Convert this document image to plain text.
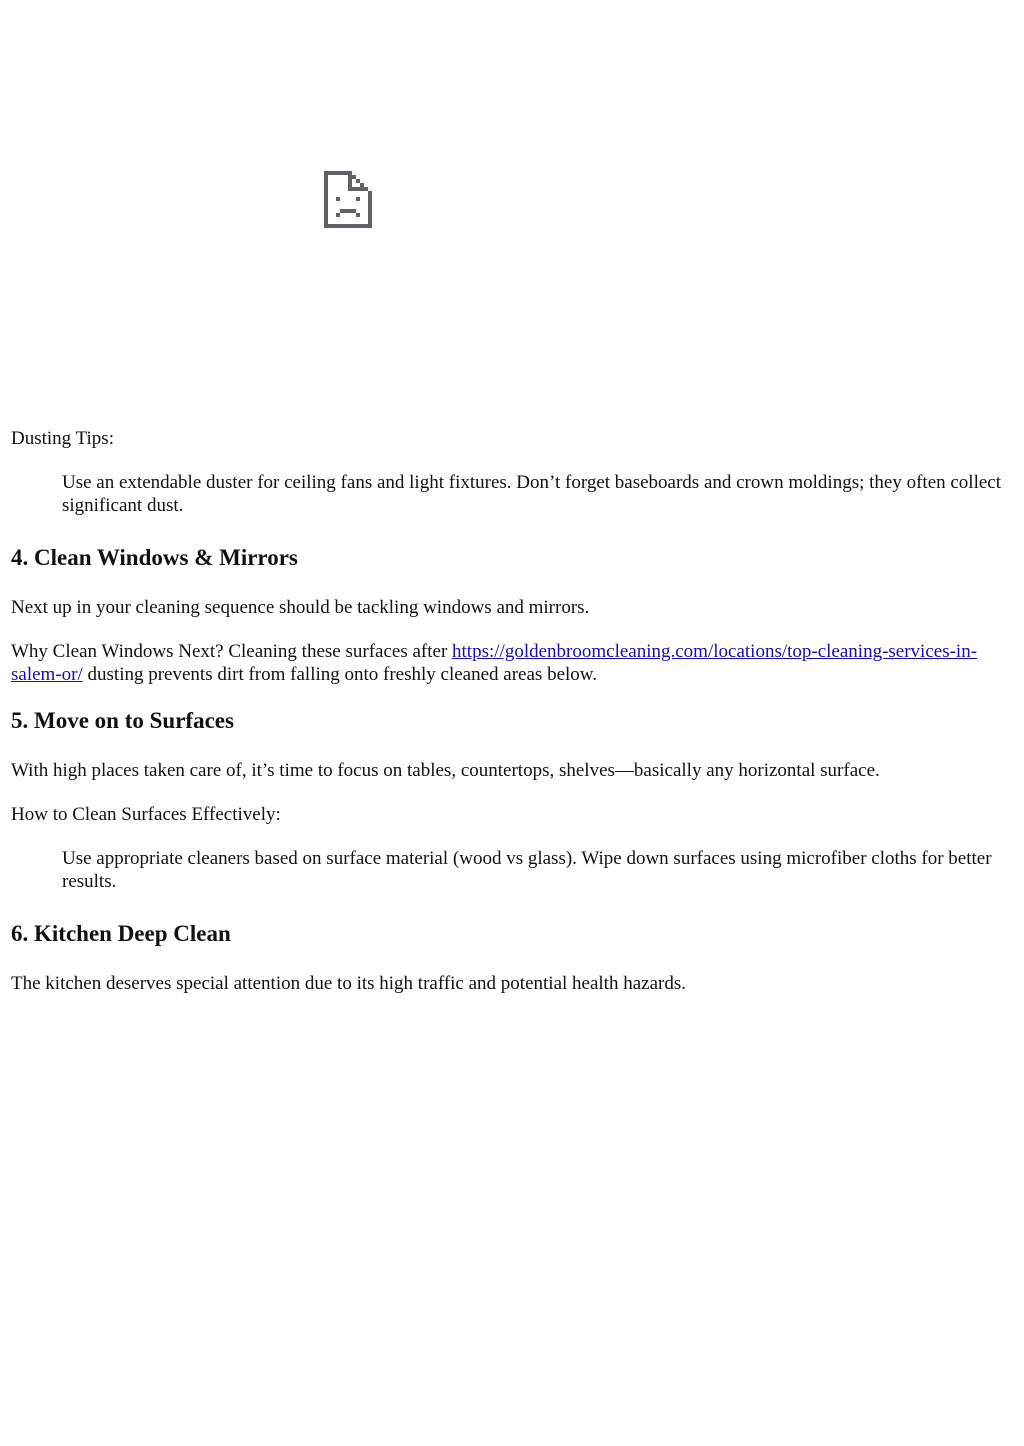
Dusting Tips:

Use an extendable duster for ceiling fans and light fixtures. Don’t forget baseboards and crown moldings; they often collect significant dust.

4. Clean Windows & Mirrors

Next up in your cleaning sequence should be tackling windows and mirrors.

Why Clean Windows Next? Cleaning these surfaces after https://goldenbroomcleaning.com/locations/top-cleaning-services-in-salem-or/ dusting prevents dirt from falling onto freshly cleaned areas below.

5. Move on to Surfaces

With high places taken care of, it’s time to focus on tables, countertops, shelves—basically any horizontal surface.

How to Clean Surfaces Effectively:

Use appropriate cleaners based on surface material (wood vs glass). Wipe down surfaces using microfiber cloths for better results.

6. Kitchen Deep Clean

The kitchen deserves special attention due to its high traffic and potential health hazards.
